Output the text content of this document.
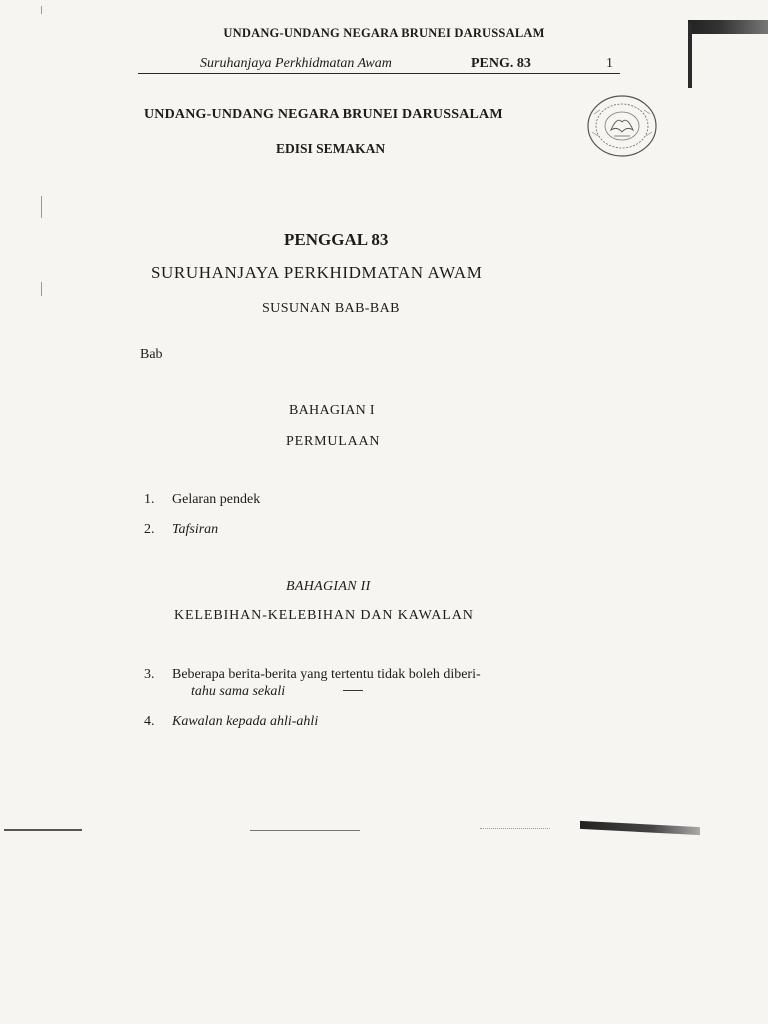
UNDANG-UNDANG NEGARA BRUNEI DARUSSALAM
Suruhanjaya Perkhidmatan Awam	PENG. 83	1
UNDANG-UNDANG NEGARA BRUNEI DARUSSALAM
EDISI SEMAKAN
PENGGAL 83
SURUHANJAYA PERKHIDMATAN AWAM
SUSUNAN BAB-BAB
Bab
BAHAGIAN I
PERMULAAN
1. Gelaran pendek
2. Tafsiran
BAHAGIAN II
KELEBIHAN-KELEBIHAN DAN KAWALAN
3. Beberapa berita-berita yang tertentu tidak boleh diberi-
tahu sama sekali
4. Kawalan kepada ahli-ahli
